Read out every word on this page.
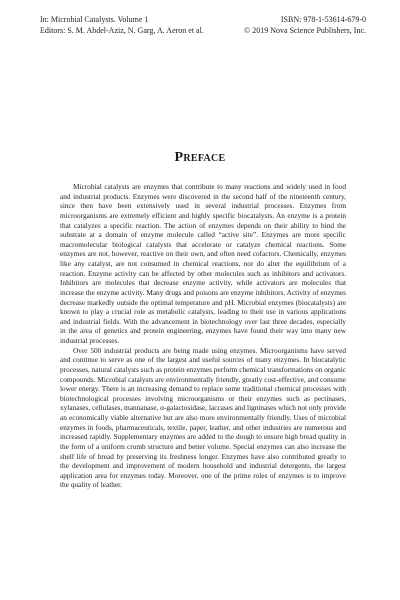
In: Microbial Catalysts. Volume 1	ISBN: 978-1-53614-679-0
Editors: S. M. Abdel-Aziz, N. Garg, A. Aeron et al.	© 2019 Nova Science Publishers, Inc.
Preface

Microbial catalysts are enzymes that contribute to many reactions and widely used in food and industrial products. Enzymes were discovered in the second half of the nineteenth century, since then have been extensively used in several industrial processes. Enzymes from microorganisms are extremely efficient and highly specific biocatalysts. An enzyme is a protein that catalyzes a specific reaction. The action of enzymes depends on their ability to bind the substrate at a domain of enzyme molecule called “active site”. Enzymes are more specific macromolecular biological catalysts that accelerate or catalyze chemical reactions. Some enzymes are not, however, reactive on their own, and often need cofactors. Chemically, enzymes like any catalyst, are not consumed in chemical reactions, nor do alter the equilibrium of a reaction. Enzyme activity can be affected by other molecules such as inhibitors and activators. Inhibitors are molecules that decrease enzyme activity, while activators are molecules that increase the enzyme activity. Many drugs and poisons are enzyme inhibitors. Activity of enzymes decrease markedly outside the optimal temperature and pH. Microbial enzymes (biocatalysts) are known to play a crucial role as metabolic catalysts, leading to their use in various applications and industrial fields. With the advancement in biotechnology over last three decades, especially in the area of genetics and protein engineering, enzymes have found their way into many new industrial processes.

Over 500 industrial products are being made using enzymes. Microorganisms have served and continue to serve as one of the largest and useful sources of many enzymes. In biocatalytic processes, natural catalysts such as protein enzymes perform chemical transformations on organic compounds. Microbial catalysts are environmentally friendly, greatly cost-effective, and consume lower energy. There is an increasing demand to replace some traditional chemical processes with biotechnological processes involving microorganisms or their enzymes such as pectinases, xylanases, cellulases, mannanase, α-galactosidase, laccases and ligninases which not only provide an economically viable alternative but are also more environmentally friendly. Uses of microbial enzymes in foods, pharmaceuticals, textile, paper, leather, and other industries are numerous and increased rapidly. Supplementary enzymes are added to the dough to ensure high bread quality in the form of a uniform crumb structure and better volume. Special enzymes can also increase the shelf life of bread by preserving its freshness longer. Enzymes have also contributed greatly to the development and improvement of modern household and industrial detergents, the largest application area for enzymes today. Moreover, one of the prime roles of enzymes is to improve the quality of leather.
